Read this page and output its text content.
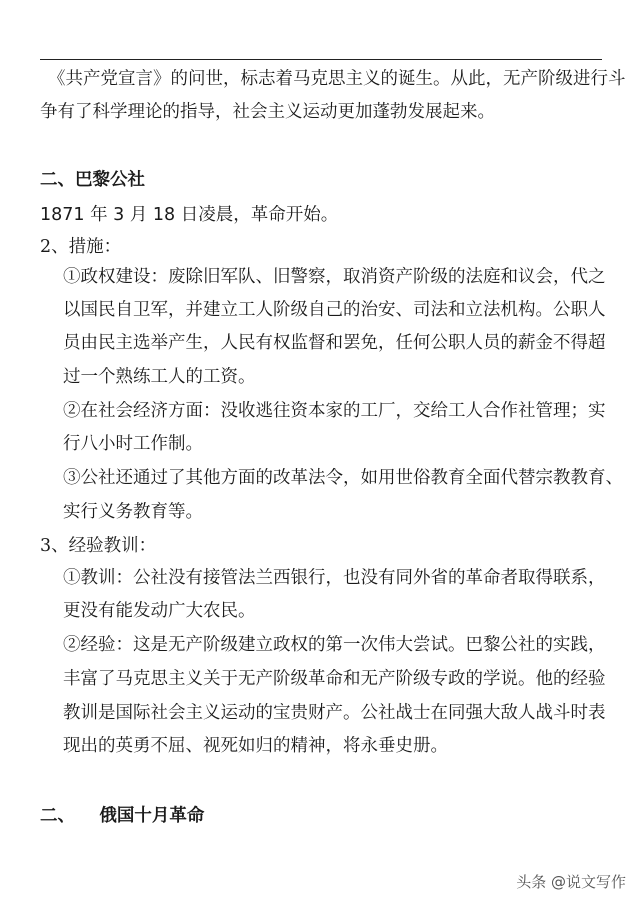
《共产党宣言》的问世，标志着马克思主义的诞生。从此，无产阶级进行斗
争有了科学理论的指导，社会主义运动更加蓬勃发展起来。
二、巴黎公社
1871 年 3 月 18 日凌晨，革命开始。
2、措施：
①政权建设：废除旧军队、旧警察，取消资产阶级的法庭和议会，代之
以国民自卫军，并建立工人阶级自己的治安、司法和立法机构。公职人
员由民主选举产生，人民有权监督和罢免，任何公职人员的薪金不得超
过一个熟练工人的工资。
②在社会经济方面：没收逃往资本家的工厂，交给工人合作社管理；实
行八小时工作制。
③公社还通过了其他方面的改革法令，如用世俗教育全面代替宗教教育、
实行义务教育等。
3、经验教训：
①教训：公社没有接管法兰西银行，也没有同外省的革命者取得联系，
更没有能发动广大农民。
②经验：这是无产阶级建立政权的第一次伟大尝试。巴黎公社的实践，
丰富了马克思主义关于无产阶级革命和无产阶级专政的学说。他的经验
教训是国际社会主义运动的宝贵财产。公社战士在同强大敌人战斗时表
现出的英勇不屈、视死如归的精神，将永垂史册。
二、    俄国十月革命
头条 @说文写作
